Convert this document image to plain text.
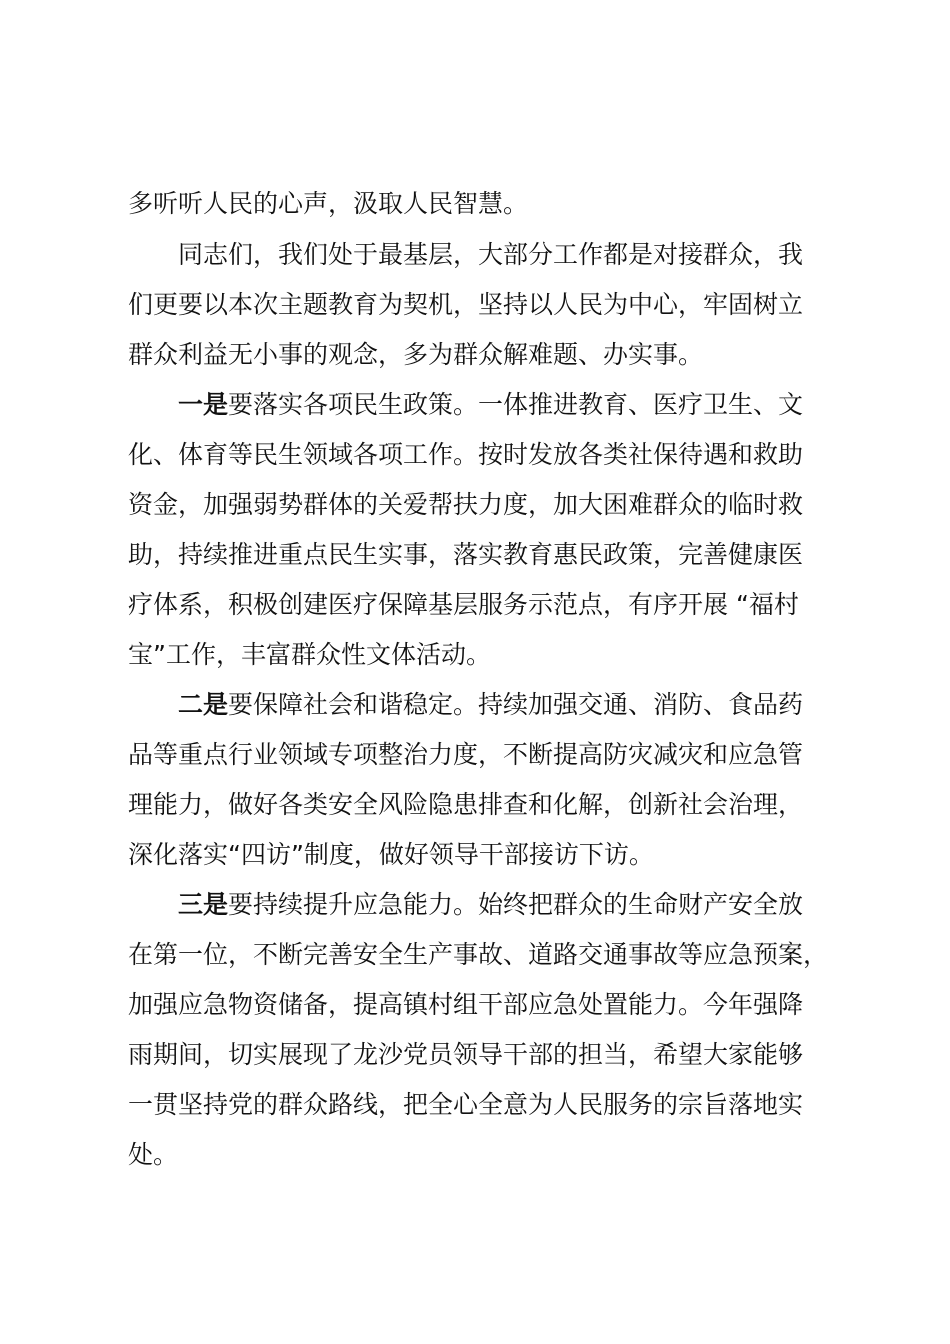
多听听人民的心声，汲取人民智慧。
同志们，我们处于最基层，大部分工作都是对接群众，我
们更要以本次主题教育为契机，坚持以人民为中心，牢固树立
群众利益无小事的观念，多为群众解难题、办实事。
一是要落实各项民生政策。一体推进教育、医疗卫生、文
化、体育等民生领域各项工作。按时发放各类社保待遇和救助
资金，加强弱势群体的关爱帮扶力度，加大困难群众的临时救
助，持续推进重点民生实事，落实教育惠民政策，完善健康医
疗体系，积极创建医疗保障基层服务示范点，有序开展 “福村
宝”工作，丰富群众性文体活动。
二是要保障社会和谐稳定。持续加强交通、消防、食品药
品等重点行业领域专项整治力度，不断提高防灾减灾和应急管
理能力，做好各类安全风险隐患排查和化解，创新社会治理，
深化落实“四访”制度，做好领导干部接访下访。
三是要持续提升应急能力。始终把群众的生命财产安全放
在第一位，不断完善安全生产事故、道路交通事故等应急预案，
加强应急物资储备，提高镇村组干部应急处置能力。今年强降
雨期间，切实展现了龙沙党员领导干部的担当，希望大家能够
一贯坚持党的群众路线，把全心全意为人民服务的宗旨落地实
处。
